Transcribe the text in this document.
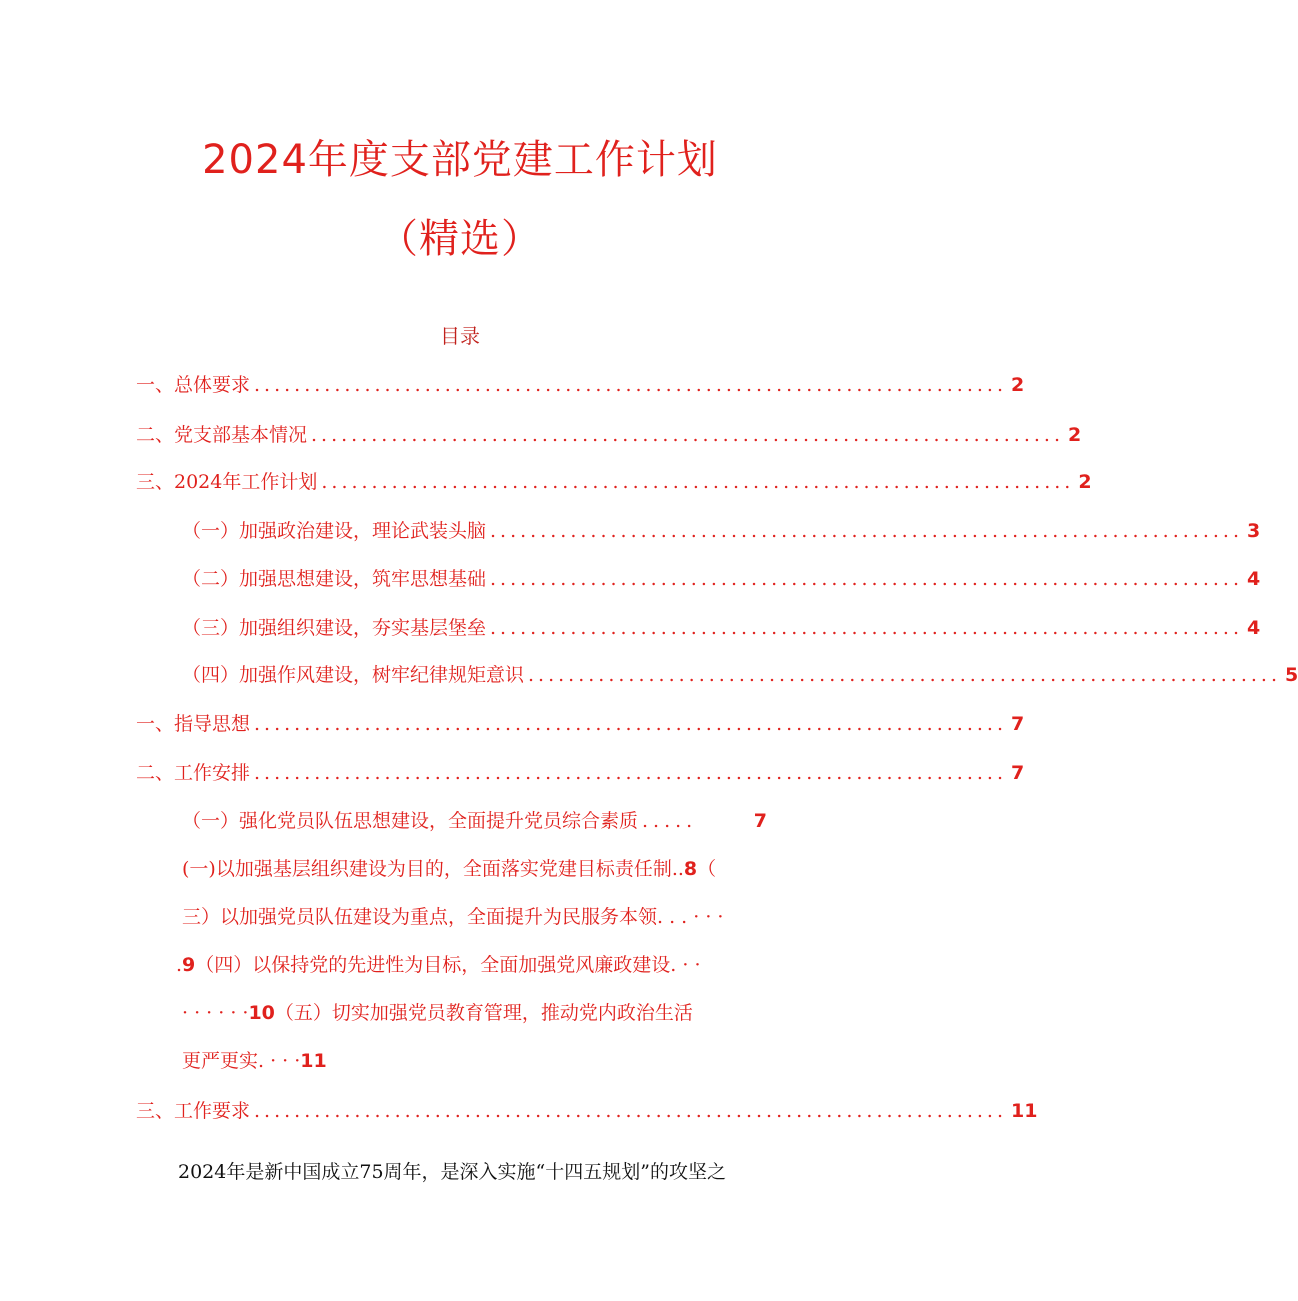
2024年度支部党建工作计划
（精选）
目录
一、总体要求 ........................................................................... 2
二、党支部基本情况 ........................................................................... 2
三、2024年工作计划 ........................................................................... 2
（一）加强政治建设，理论武装头脑 ........................................................................... 3
（二）加强思想建设，筑牢思想基础 ........................................................................... 4
（三）加强组织建设，夯实基层堡垒 ........................................................................... 4
（四）加强作风建设，树牢纪律规矩意识 ........................................................................... 5
一、指导思想 ........................................................................... 7
二、工作安排 ........................................................................... 7
（一）强化党员队伍思想建设，全面提升党员综合素质 .....	7
(一)以加强基层组织建设为目的，全面落实党建目标责任制..8（
三）以加强党员队伍建设为重点，全面提升为民服务本领. . . · · ·
.9（四）以保持党的先进性为目标，全面加强党风廉政建设. · ·
· · · · · ·10（五）切实加强党员教育管理，推动党内政治生活
更严更实. · · ·11
三、工作要求 ........................................................................... 11
2024年是新中国成立75周年，是深入实施“十四五规划”的攻坚之
